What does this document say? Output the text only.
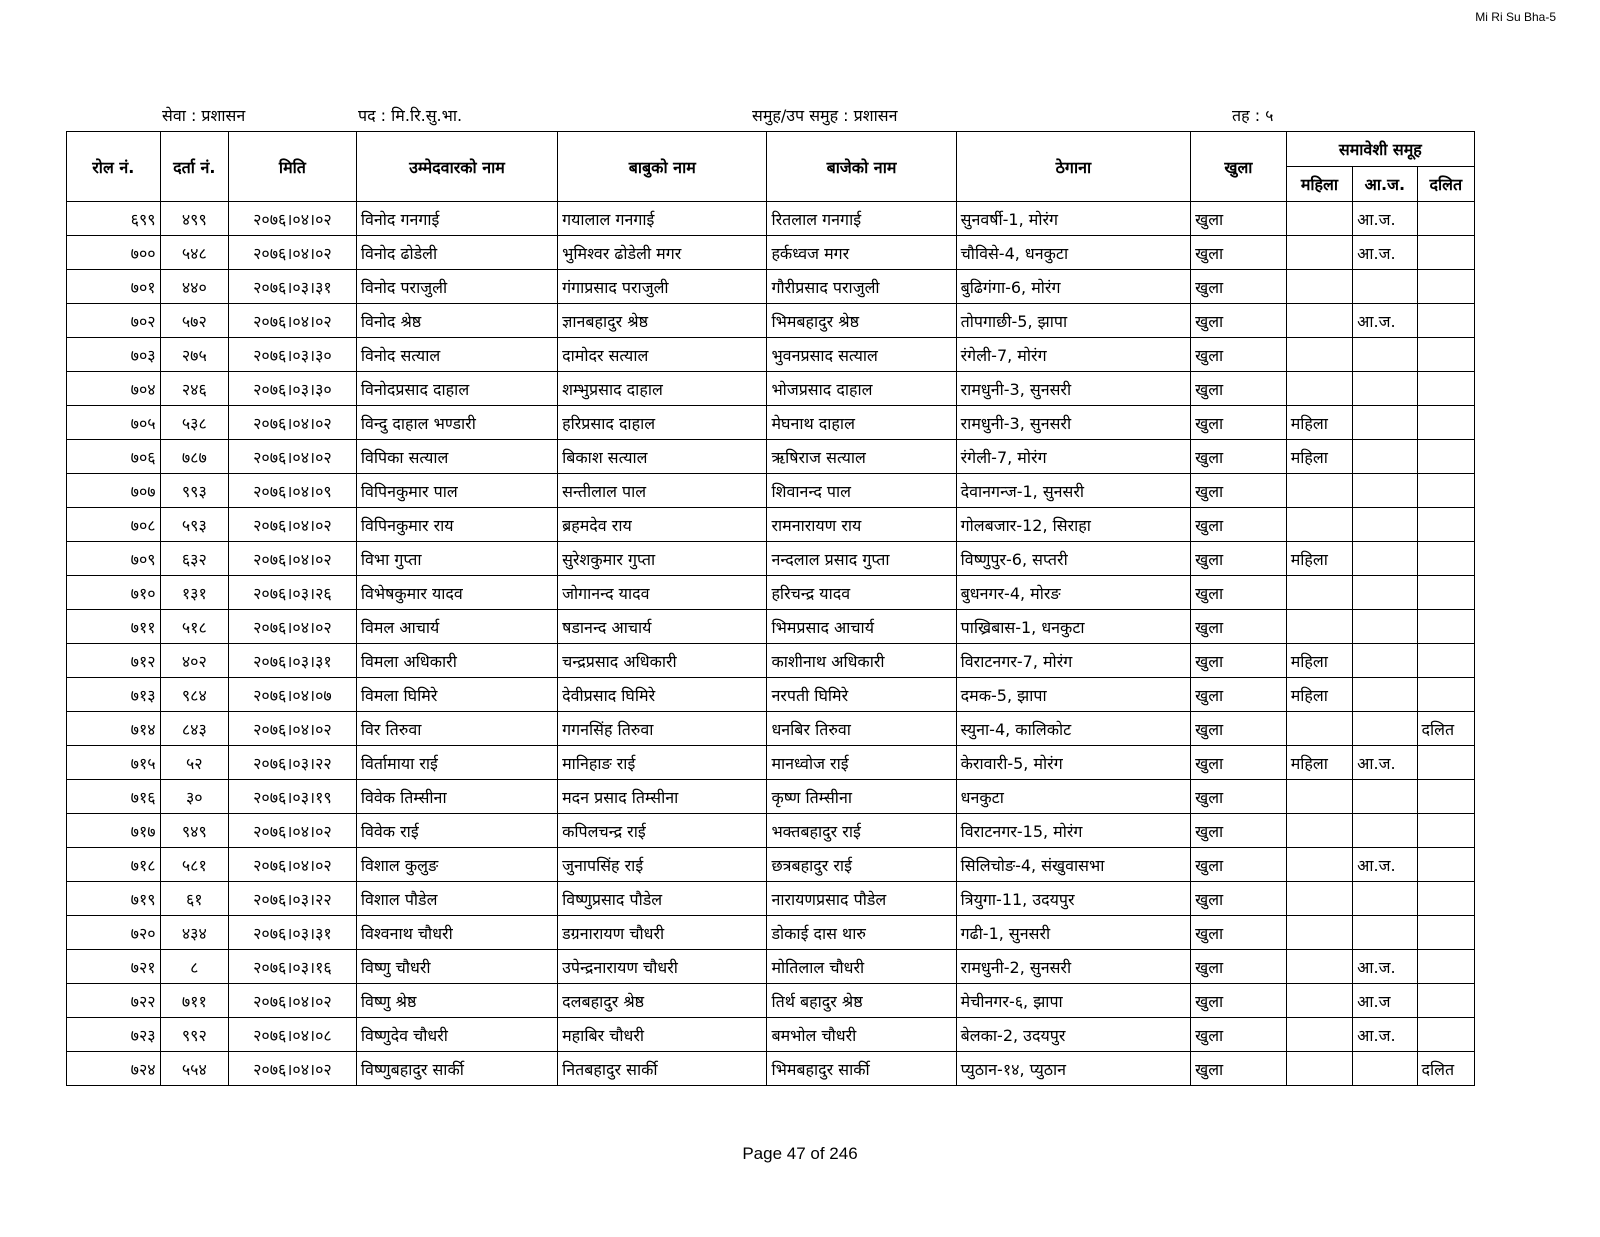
Mi Ri Su Bha-5
सेवा : प्रशासन	पद : मि.रि.सु.भा.	समुह/उप समुह : प्रशासन	तह : ५
रोल नं.	दर्ता नं.	मिति	उम्मेदवारको नाम	बाबुको नाम	बाजेको नाम	ठेगाना	खुला	समावेशी समूह		
								महिला	आ.ज.	दलित
६९९	४९९	२०७६।०४।०२	विनोद गनगाई	गयालाल गनगाई	रितलाल गनगाई	सुनवर्षी-1, मोरंग	खुला		आ.ज.	
७००	५४८	२०७६।०४।०२	विनोद ढोडेली	भुमिश्वर ढोडेली मगर	हर्कध्वज मगर	चौविसे-4, धनकुटा	खुला		आ.ज.	
७०१	४४०	२०७६।०३।३१	विनोद पराजुली	गंगाप्रसाद पराजुली	गौरीप्रसाद पराजुली	बुढिगंगा-6, मोरंग	खुला			
७०२	५७२	२०७६।०४।०२	विनोद श्रेष्ठ	ज्ञानबहादुर श्रेष्ठ	भिमबहादुर श्रेष्ठ	तोपगाछी-5, झापा	खुला		आ.ज.	
७०३	२७५	२०७६।०३।३०	विनोद सत्याल	दामोदर सत्याल	भुवनप्रसाद सत्याल	रंगेली-7, मोरंग	खुला			
७०४	२४६	२०७६।०३।३०	विनोदप्रसाद दाहाल	शम्भुप्रसाद दाहाल	भोजप्रसाद दाहाल	रामधुनी-3, सुनसरी	खुला			
७०५	५३८	२०७६।०४।०२	विन्दु दाहाल भण्डारी	हरिप्रसाद दाहाल	मेघनाथ दाहाल	रामधुनी-3, सुनसरी	खुला	महिला		
७०६	७८७	२०७६।०४।०२	विपिका सत्याल	बिकाश सत्याल	ऋषिराज सत्याल	रंगेली-7, मोरंग	खुला	महिला		
७०७	९९३	२०७६।०४।०९	विपिनकुमार पाल	सन्तीलाल पाल	शिवानन्द पाल	देवानगन्ज-1, सुनसरी	खुला			
७०८	५९३	२०७६।०४।०२	विपिनकुमार राय	ब्रहमदेव राय	रामनारायण राय	गोलबजार-12, सिराहा	खुला			
७०९	६३२	२०७६।०४।०२	विभा गुप्ता	सुरेशकुमार गुप्ता	नन्दलाल प्रसाद गुप्ता	विष्णुपुर-6, सप्तरी	खुला	महिला		
७१०	१३१	२०७६।०३।२६	विभेषकुमार यादव	जोगानन्द यादव	हरिचन्द्र यादव	बुधनगर-4, मोरङ	खुला			
७११	५१८	२०७६।०४।०२	विमल आचार्य	षडानन्द आचार्य	भिमप्रसाद आचार्य	पाख्रिबास-1, धनकुटा	खुला			
७१२	४०२	२०७६।०३।३१	विमला अधिकारी	चन्द्रप्रसाद अधिकारी	काशीनाथ अधिकारी	विराटनगर-7, मोरंग	खुला	महिला		
७१३	९८४	२०७६।०४।०७	विमला घिमिरे	देवीप्रसाद घिमिरे	नरपती घिमिरे	दमक-5, झापा	खुला	महिला		
७१४	८४३	२०७६।०४।०२	विर तिरुवा	गगनसिंह तिरुवा	धनबिर तिरुवा	स्युना-4, कालिकोट	खुला			दलित
७१५	५२	२०७६।०३।२२	विर्तामाया राई	मानिहाङ राई	मानध्वोज राई	केरावारी-5, मोरंग	खुला	महिला	आ.ज.	
७१६	३०	२०७६।०३।१९	विवेक तिम्सीना	मदन प्रसाद तिम्सीना	कृष्ण तिम्सीना	धनकुटा	खुला			
७१७	९४९	२०७६।०४।०२	विवेक राई	कपिलचन्द्र राई	भक्तबहादुर राई	विराटनगर-15, मोरंग	खुला			
७१८	५८१	२०७६।०४।०२	विशाल कुलुङ	जुनापसिंह राई	छत्रबहादुर राई	सिलिचोङ-4, संखुवासभा	खुला		आ.ज.	
७१९	६१	२०७६।०३।२२	विशाल पौडेल	विष्णुप्रसाद पौडेल	नारायणप्रसाद पौडेल	त्रियुगा-11, उदयपुर	खुला			
७२०	४३४	२०७६।०३।३१	विश्वनाथ चौधरी	डग्रनारायण चौधरी	डोकाई दास थारु	गढी-1, सुनसरी	खुला			
७२१	८	२०७६।०३।१६	विष्णु चौधरी	उपेन्द्रनारायण चौधरी	मोतिलाल चौधरी	रामधुनी-2, सुनसरी	खुला		आ.ज.	
७२२	७११	२०७६।०४।०२	विष्णु श्रेष्ठ	दलबहादुर श्रेष्ठ	तिर्थ बहादुर श्रेष्ठ	मेचीनगर-६, झापा	खुला		आ.ज	
७२३	९९२	२०७६।०४।०८	विष्णुदेव चौधरी	महाबिर चौधरी	बमभोल चौधरी	बेलका-2, उदयपुर	खुला		आ.ज.	
७२४	५५४	२०७६।०४।०२	विष्णुबहादुर सार्की	नितबहादुर सार्की	भिमबहादुर सार्की	प्युठान-१४, प्युठान	खुला			दलित
Page 47 of 246
